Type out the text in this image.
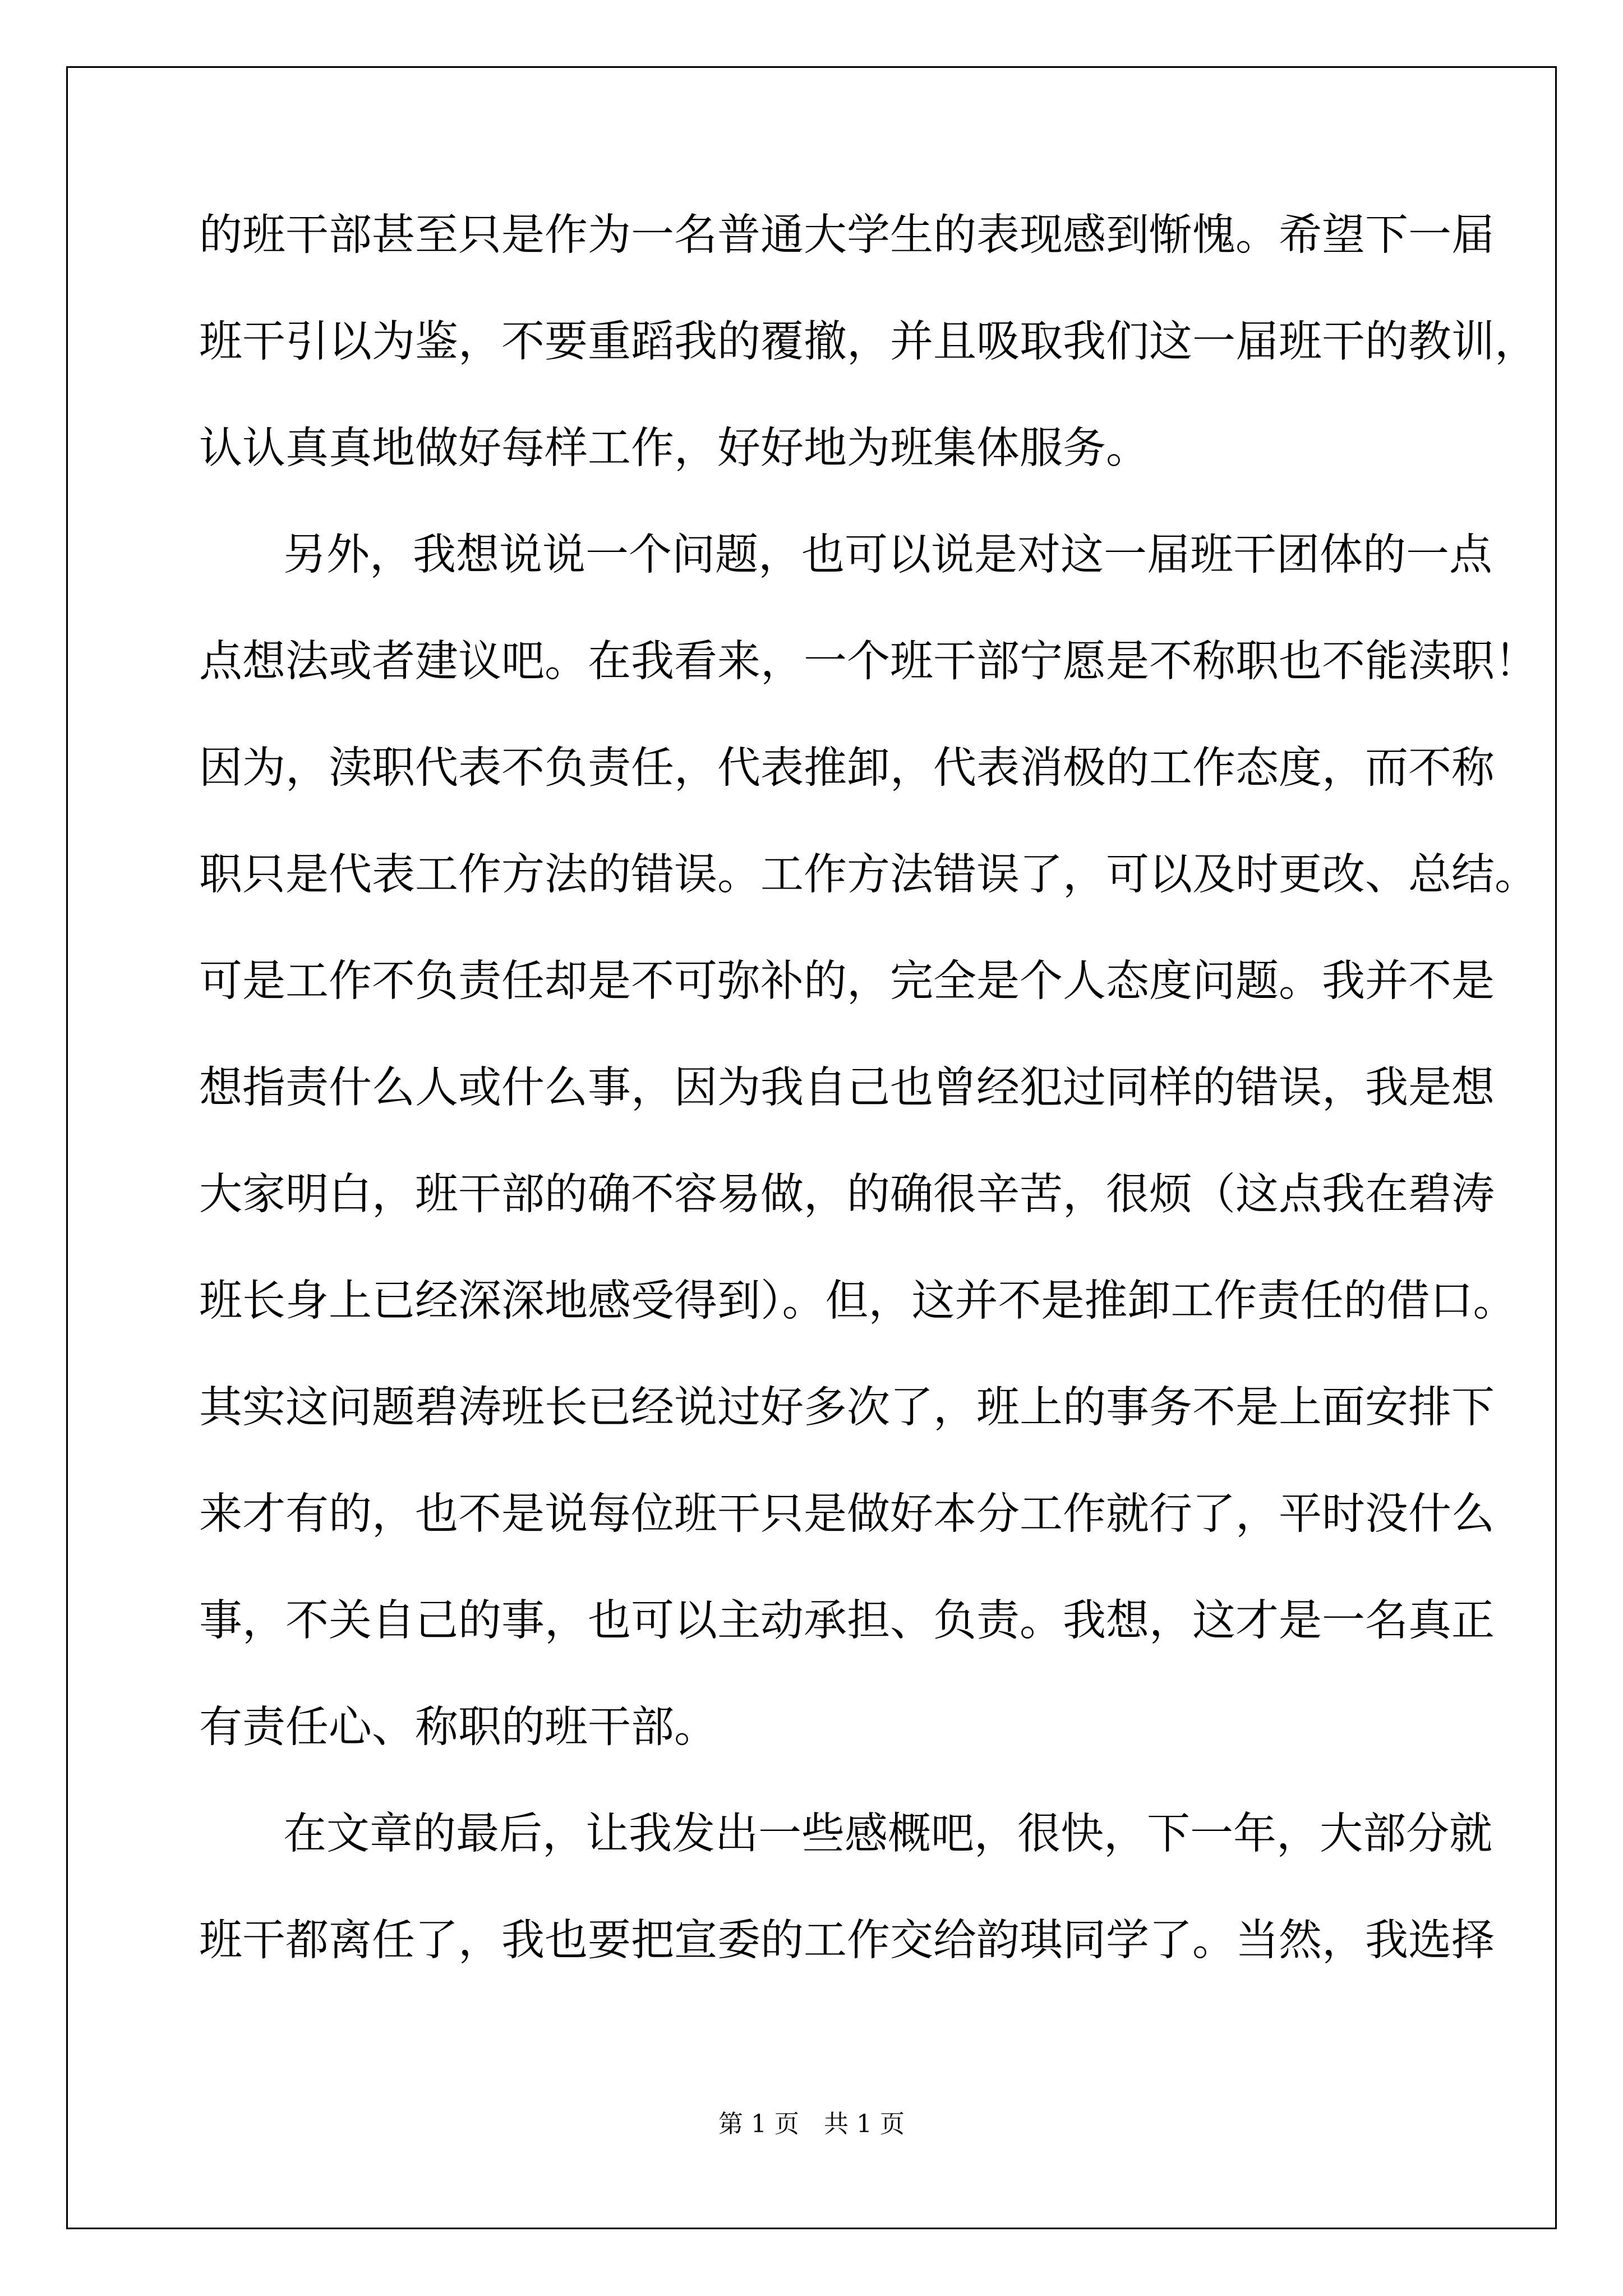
的班干部甚至只是作为一名普通大学生的表现感到惭愧。希望下一届

班干引以为鉴，不要重蹈我的覆撤，并且吸取我们这一届班干的教训，

认认真真地做好每样工作，好好地为班集体服务。

另外，我想说说一个问题，也可以说是对这一届班干团体的一点

点想法或者建议吧。在我看来，一个班干部宁愿是不称职也不能渎职！

因为，渎职代表不负责任，代表推卸，代表消极的工作态度，而不称

职只是代表工作方法的错误。工作方法错误了，可以及时更改、总结。

可是工作不负责任却是不可弥补的，完全是个人态度问题。我并不是

想指责什么人或什么事，因为我自己也曾经犯过同样的错误，我是想

大家明白，班干部的确不容易做，的确很辛苦，很烦（这点我在碧涛

班长身上已经深深地感受得到）。但，这并不是推卸工作责任的借口。

其实这问题碧涛班长已经说过好多次了，班上的事务不是上面安排下

来才有的，也不是说每位班干只是做好本分工作就行了，平时没什么

事，不关自己的事，也可以主动承担、负责。我想，这才是一名真正

有责任心、称职的班干部。

在文章的最后，让我发出一些感概吧，很快，下一年，大部分就

班干都离任了，我也要把宣委的工作交给韵琪同学了。当然，我选择

第 1 页　共 1 页
